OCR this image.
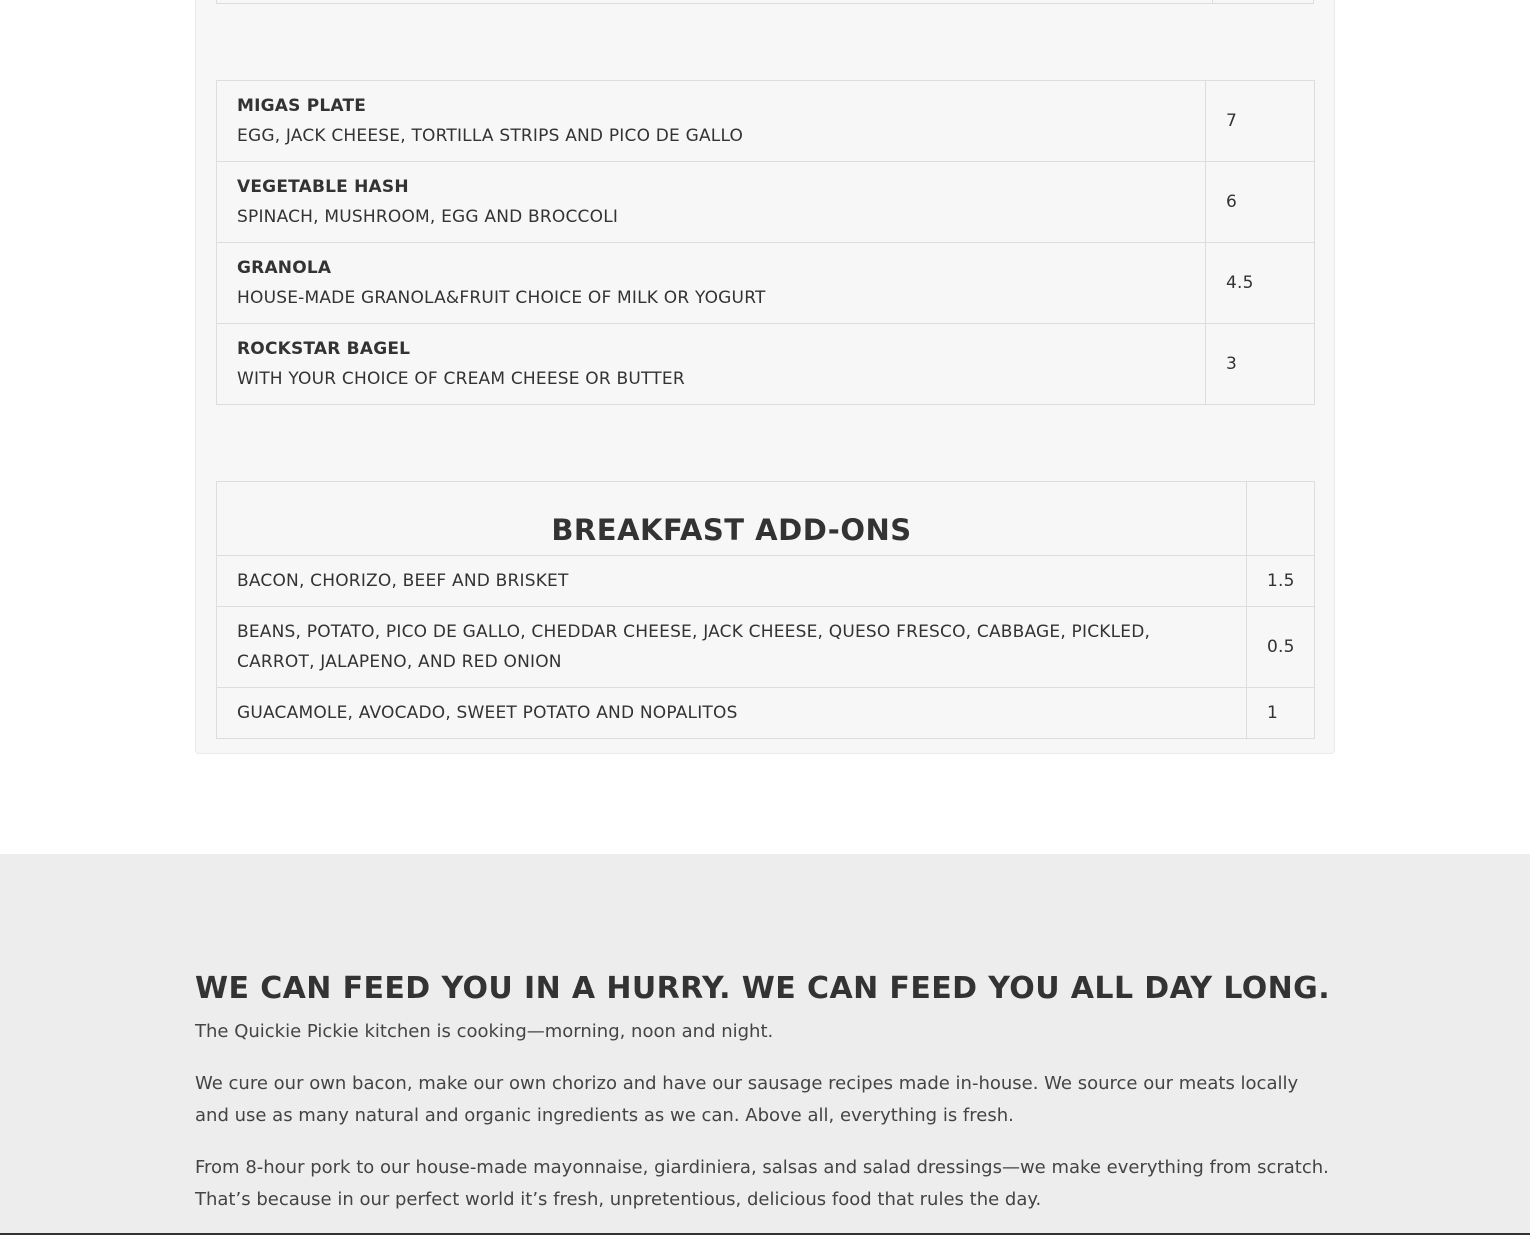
MIGAS PLATE
EGG, JACK CHEESE, TORTILLA STRIPS AND PICO DE GALLO	7

VEGETABLE HASH
SPINACH, MUSHROOM, EGG AND BROCCOLI	6

GRANOLA
HOUSE-MADE GRANOLA&FRUIT CHOICE OF MILK OR YOGURT	4.5

ROCKSTAR BAGEL
WITH YOUR CHOICE OF CREAM CHEESE OR BUTTER	3
BREAKFAST ADD-ONS	
BACON, CHORIZO, BEEF AND BRISKET	1.5
BEANS, POTATO, PICO DE GALLO, CHEDDAR CHEESE, JACK CHEESE, QUESO FRESCO, CABBAGE, PICKLED, CARROT, JALAPENO, AND RED ONION	0.5
GUACAMOLE, AVOCADO, SWEET POTATO AND NOPALITOS	1
WE CAN FEED YOU IN A HURRY. WE CAN FEED YOU ALL DAY LONG.

The Quickie Pickie kitchen is cooking—morning, noon and night.

We cure our own bacon, make our own chorizo and have our sausage recipes made in-house. We source our meats locally and use as many natural and organic ingredients as we can. Above all, everything is fresh.

From 8-hour pork to our house-made mayonnaise, giardiniera, salsas and salad dressings—we make everything from scratch. That’s because in our perfect world it’s fresh, unpretentious, delicious food that rules the day.
